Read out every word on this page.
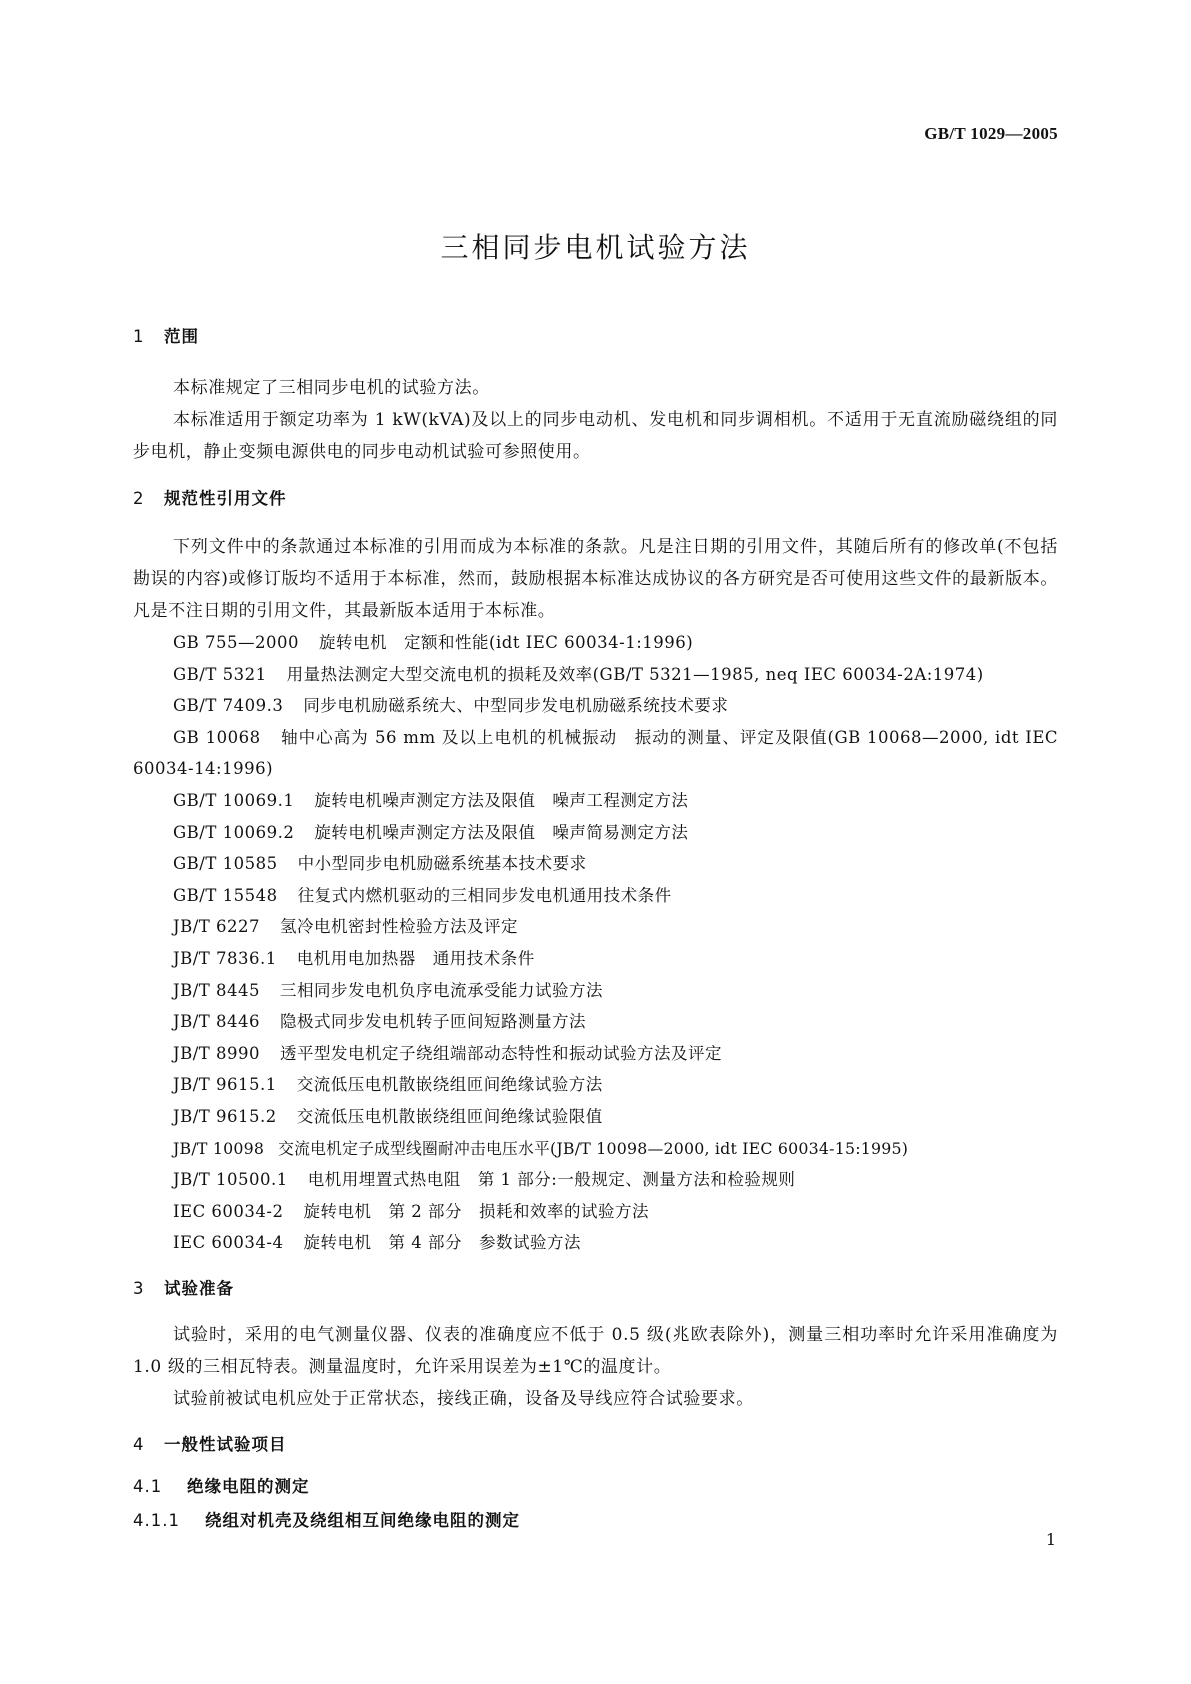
GB/T 1029—2005
三相同步电机试验方法
1 范围

本标准规定了三相同步电机的试验方法。

本标准适用于额定功率为 1 kW(kVA)及以上的同步电动机、发电机和同步调相机。不适用于无直流励磁绕组的同步电机，静止变频电源供电的同步电动机试验可参照使用。

2 规范性引用文件

下列文件中的条款通过本标准的引用而成为本标准的条款。凡是注日期的引用文件，其随后所有的修改单(不包括勘误的内容)或修订版均不适用于本标准，然而，鼓励根据本标准达成协议的各方研究是否可使用这些文件的最新版本。凡是不注日期的引用文件，其最新版本适用于本标准。

GB 755—2000 旋转电机　定额和性能(idt IEC 60034-1:1996)

GB/T 5321 用量热法测定大型交流电机的损耗及效率(GB/T 5321—1985, neq IEC 60034-2A:1974)

GB/T 7409.3 同步电机励磁系统大、中型同步发电机励磁系统技术要求

GB 10068 轴中心高为 56 mm 及以上电机的机械振动　振动的测量、评定及限值(GB 10068—2000, idt IEC 60034-14:1996)

GB/T 10069.1 旋转电机噪声测定方法及限值　噪声工程测定方法

GB/T 10069.2 旋转电机噪声测定方法及限值　噪声简易测定方法

GB/T 10585 中小型同步电机励磁系统基本技术要求

GB/T 15548 往复式内燃机驱动的三相同步发电机通用技术条件

JB/T 6227 氢冷电机密封性检验方法及评定

JB/T 7836.1 电机用电加热器　通用技术条件

JB/T 8445 三相同步发电机负序电流承受能力试验方法

JB/T 8446 隐极式同步发电机转子匝间短路测量方法

JB/T 8990 透平型发电机定子绕组端部动态特性和振动试验方法及评定

JB/T 9615.1 交流低压电机散嵌绕组匝间绝缘试验方法

JB/T 9615.2 交流低压电机散嵌绕组匝间绝缘试验限值

JB/T 10098 交流电机定子成型线圈耐冲击电压水平(JB/T 10098—2000, idt IEC 60034-15:1995)

JB/T 10500.1 电机用埋置式热电阻　第 1 部分:一般规定、测量方法和检验规则

IEC 60034-2 旋转电机　第 2 部分　损耗和效率的试验方法

IEC 60034-4 旋转电机　第 4 部分　参数试验方法

3 试验准备

试验时，采用的电气测量仪器、仪表的准确度应不低于 0.5 级(兆欧表除外)，测量三相功率时允许采用准确度为 1.0 级的三相瓦特表。测量温度时，允许采用误差为±1℃的温度计。

试验前被试电机应处于正常状态，接线正确，设备及导线应符合试验要求。

4 一般性试验项目
4.1 绝缘电阻的测定
4.1.1 绕组对机壳及绕组相互间绝缘电阻的测定
1
